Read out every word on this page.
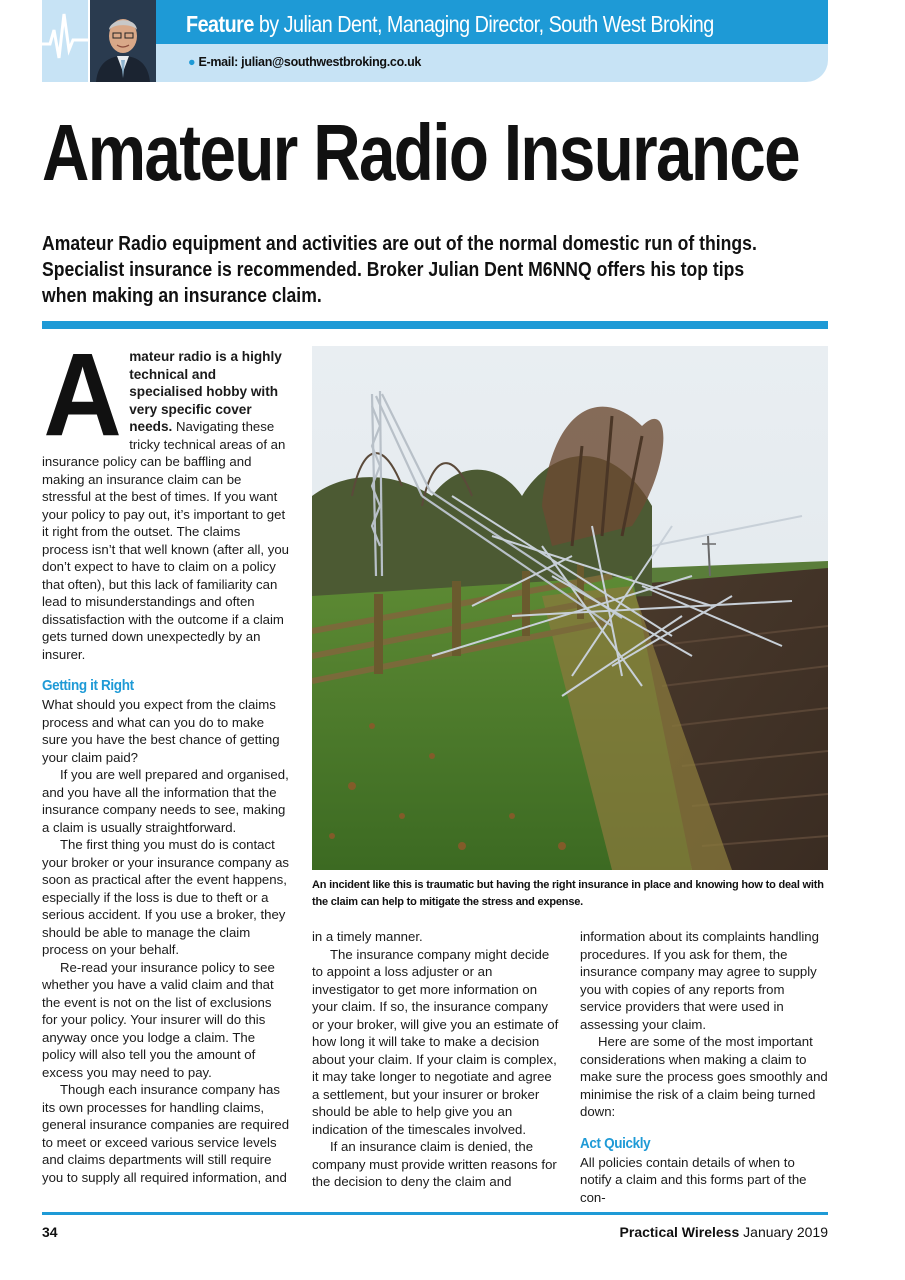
Feature by Julian Dent, Managing Director, South West Broking
● E-mail: julian@southwestbroking.co.uk
Amateur Radio Insurance
Amateur Radio equipment and activities are out of the normal domestic run of things.
Specialist insurance is recommended. Broker Julian Dent M6NNQ offers his top tips
when making an insurance claim.

Amateur radio is a highly technical and specialised hobby with very specific cover needs. Navigating these tricky technical areas of an insurance policy can be baffling and making an insurance claim can be stressful at the best of times. If you want your policy to pay out, it’s important to get it right from the outset. The claims process isn’t that well known (after all, you don’t expect to have to claim on a policy that often), but this lack of familiarity can lead to misunderstandings and often dissatisfaction with the outcome if a claim gets turned down unexpectedly by an insurer.

Getting it Right

What should you expect from the claims process and what can you do to make sure you have the best chance of getting your claim paid?

If you are well prepared and organised, and you have all the information that the insurance company needs to see, making a claim is usually straightforward.

The first thing you must do is contact your broker or your insurance company as soon as practical after the event happens, especially if the loss is due to theft or a serious accident. If you use a broker, they should be able to manage the claim process on your behalf.

Re-read your insurance policy to see whether you have a valid claim and that the event is not on the list of exclusions for your policy. Your insurer will do this anyway once you lodge a claim. The policy will also tell you the amount of excess you may need to pay.

Though each insurance company has its own processes for handling claims, general insurance companies are required to meet or exceed various service levels and claims departments will still require you to supply all required information, and

An incident like this is traumatic but having the right insurance in place and knowing how to deal with the claim can help to mitigate the stress and expense.

in a timely manner.

The insurance company might decide to appoint a loss adjuster or an investigator to get more information on your claim. If so, the insurance company or your broker, will give you an estimate of how long it will take to make a decision about your claim. If your claim is complex, it may take longer to negotiate and agree a settlement, but your insurer or broker should be able to help give you an indication of the timescales involved.

If an insurance claim is denied, the company must provide written reasons for the decision to deny the claim and

information about its complaints handling procedures. If you ask for them, the insurance company may agree to supply you with copies of any reports from service providers that were used in assessing your claim.

Here are some of the most important considerations when making a claim to make sure the process goes smoothly and minimise the risk of a claim being turned down:

Act Quickly

All policies contain details of when to notify a claim and this forms part of the con-

34	Practical Wireless January 2019
